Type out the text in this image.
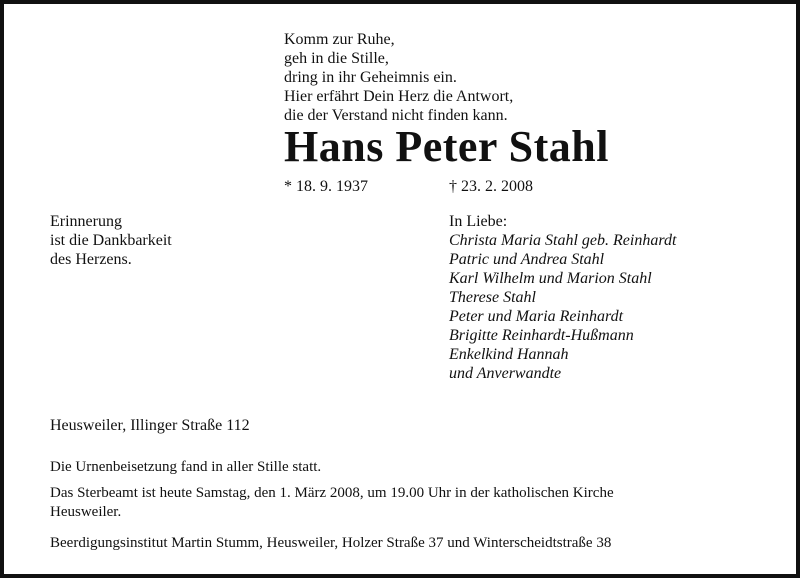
Komm zur Ruhe,
geh in die Stille,
dring in ihr Geheimnis ein.
Hier erfährt Dein Herz die Antwort,
die der Verstand nicht finden kann.
Hans Peter Stahl
* 18. 9. 1937	† 23. 2. 2008
Erinnerung
ist die Dankbarkeit
des Herzens.
In Liebe:
Christa Maria Stahl geb. Reinhardt
Patric und Andrea Stahl
Karl Wilhelm und Marion Stahl
Therese Stahl
Peter und Maria Reinhardt
Brigitte Reinhardt-Hußmann
Enkelkind Hannah
und Anverwandte
Heusweiler, Illinger Straße 112
Die Urnenbeisetzung fand in aller Stille statt.
Das Sterbeamt ist heute Samstag, den 1. März 2008, um 19.00 Uhr in der katholischen Kirche
Heusweiler.
Beerdigungsinstitut Martin Stumm, Heusweiler, Holzer Straße 37 und Winterscheidtstraße 38
